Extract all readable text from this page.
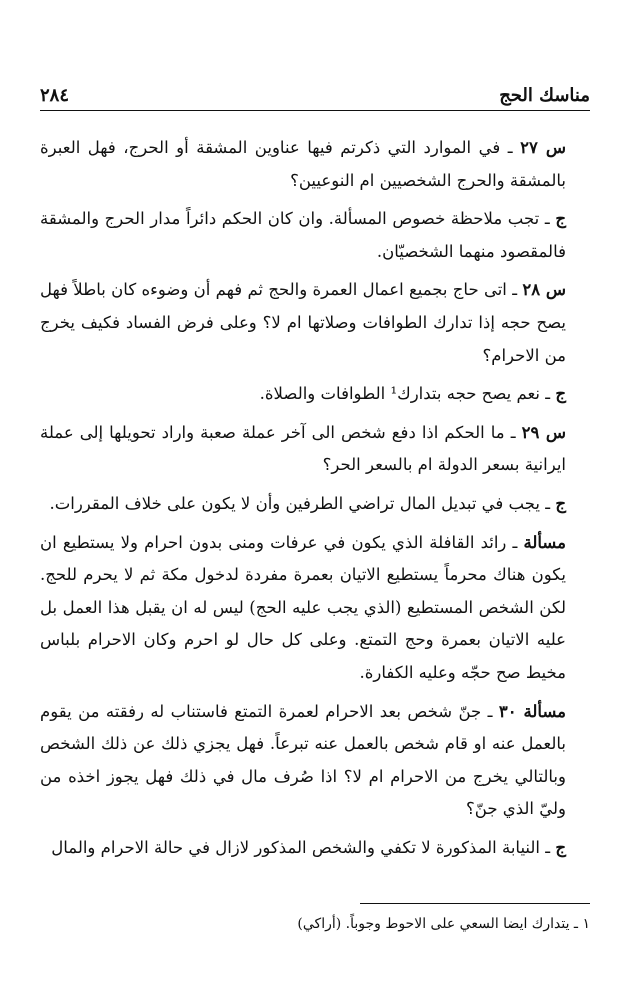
مناسك الحج
٢٨٤

س ٢٧ ـ في الموارد التي ذكرتم فيها عناوين المشقة أو الحرج، فهل العبرة بالمشقة والحرج الشخصيين ام النوعيين؟

ج ـ تجب ملاحظة خصوص المسألة. وان كان الحكم دائراً مدار الحرج والمشقة فالمقصود منهما الشخصيّان.

س ٢٨ ـ اتى حاج بجميع اعمال العمرة والحج ثم فهم أن وضوءه كان باطلاً فهل يصح حجه إذا تدارك الطوافات وصلاتها ام لا؟ وعلى فرض الفساد فكيف يخرج من الاحرام؟

ج ـ نعم يصح حجه بتدارك¹ الطوافات والصلاة.

س ٢٩ ـ ما الحكم اذا دفع شخص الى آخر عملة صعبة واراد تحويلها إلى عملة ايرانية بسعر الدولة ام بالسعر الحر؟

ج ـ يجب في تبديل المال تراضي الطرفين وأن لا يكون على خلاف المقررات.

مسألة ـ رائد القافلة الذي يكون في عرفات ومنى بدون احرام ولا يستطيع ان يكون هناك محرماً يستطيع الاتيان بعمرة مفردة لدخول مكة ثم لا يحرم للحج. لكن الشخص المستطيع (الذي يجب عليه الحج) ليس له ان يقبل هذا العمل بل عليه الاتيان بعمرة وحج التمتع. وعلى كل حال لو احرم وكان الاحرام بلباس مخيط صح حجّه وعليه الكفارة.

مسألة ٣٠ ـ جنّ شخص بعد الاحرام لعمرة التمتع فاستناب له رفقته من يقوم بالعمل عنه او قام شخص بالعمل عنه تبرعاً. فهل يجزي ذلك عن ذلك الشخص وبالتالي يخرج من الاحرام ام لا؟ اذا صُرف مال في ذلك فهل يجوز اخذه من وليّ الذي جنّ؟

ج ـ النيابة المذكورة لا تكفي والشخص المذكور لازال في حالة الاحرام والمال

١ ـ يتدارك ايضا السعي على الاحوط وجوباً. (أراكي)
